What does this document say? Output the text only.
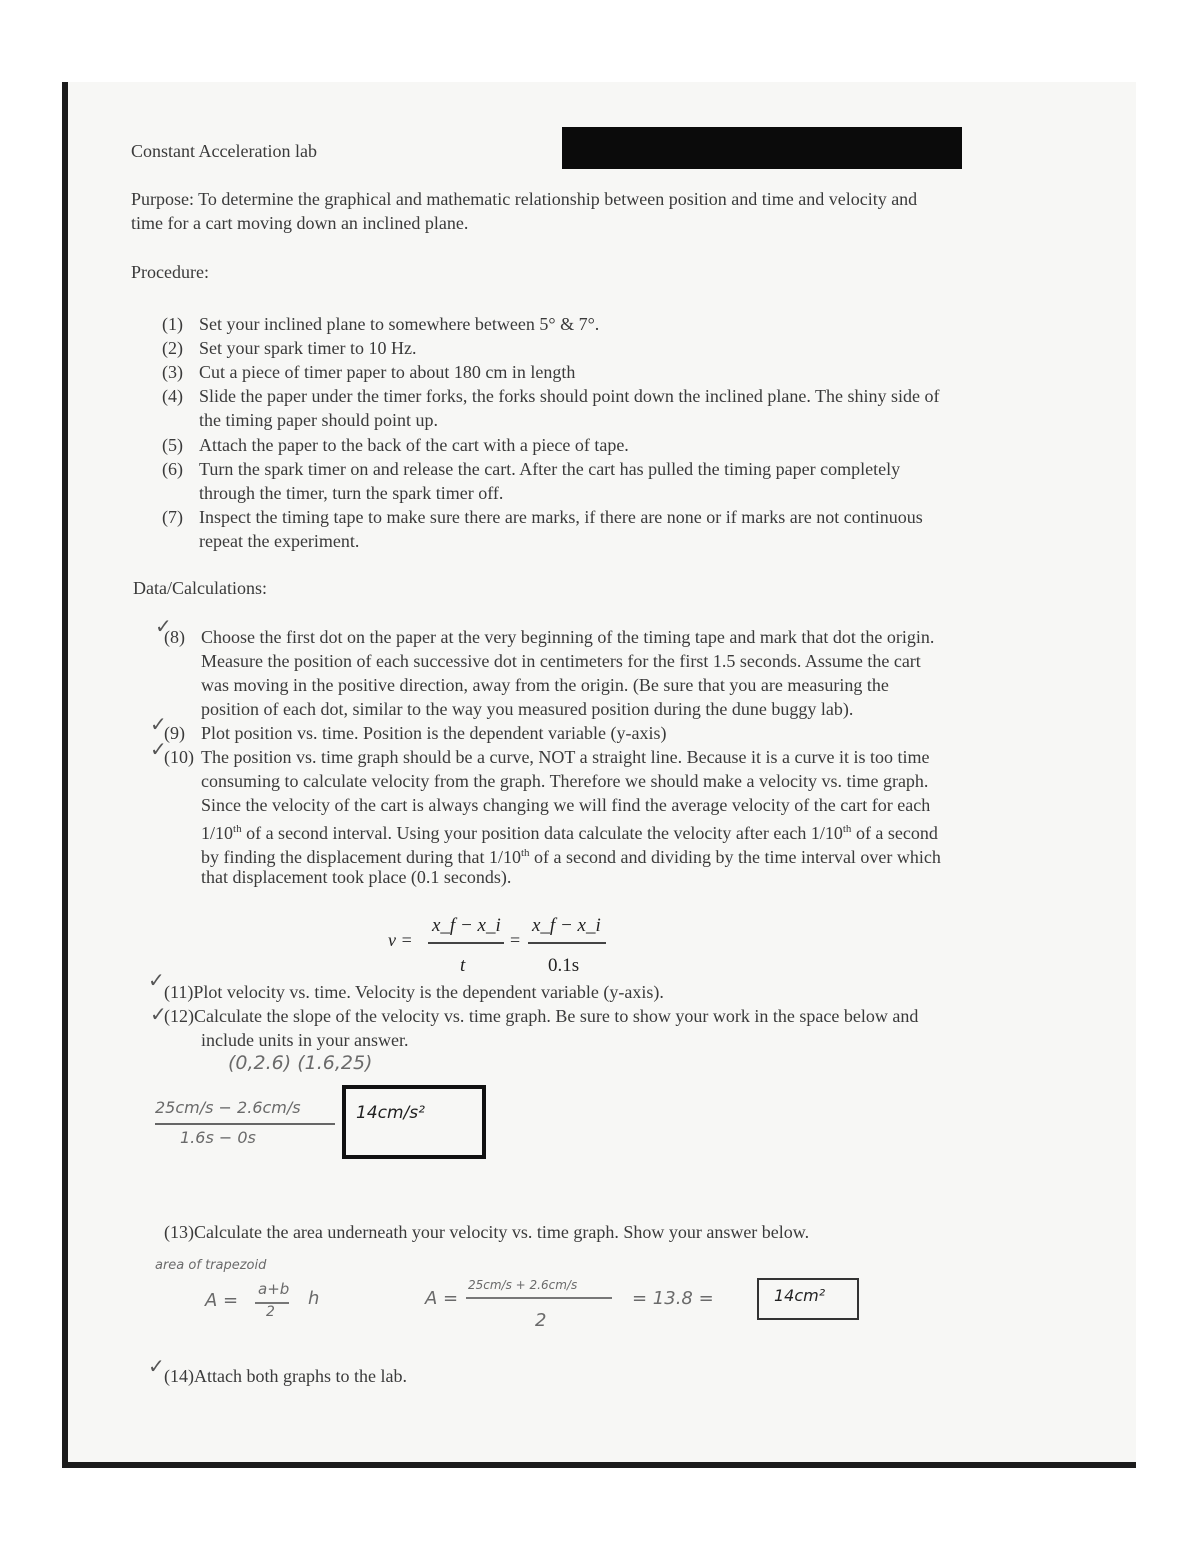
Constant Acceleration lab
Purpose: To determine the graphical and mathematic relationship between position and time and velocity and
time for a cart moving down an inclined plane.
Procedure:
(1) Set your inclined plane to somewhere between 5° & 7°.
(2) Set your spark timer to 10 Hz.
(3) Cut a piece of timer paper to about 180 cm in length
(4) Slide the paper under the timer forks, the forks should point down the inclined plane. The shiny side of
the timing paper should point up.
(5) Attach the paper to the back of the cart with a piece of tape.
(6) Turn the spark timer on and release the cart. After the cart has pulled the timing paper completely
through the timer, turn the spark timer off.
(7) Inspect the timing tape to make sure there are marks, if there are none or if marks are not continuous
repeat the experiment.
Data/Calculations:
✓
(8) Choose the first dot on the paper at the very beginning of the timing tape and mark that dot the origin.
Measure the position of each successive dot in centimeters for the first 1.5 seconds. Assume the cart
was moving in the positive direction, away from the origin. (Be sure that you are measuring the
position of each dot, similar to the way you measured position during the dune buggy lab).
✓
(9) Plot position vs. time. Position is the dependent variable (y-axis)
✓
(10) The position vs. time graph should be a curve, NOT a straight line. Because it is a curve it is too time
consuming to calculate velocity from the graph. Therefore we should make a velocity vs. time graph.
Since the velocity of the cart is always changing we will find the average velocity of the cart for each
1/10th of a second interval. Using your position data calculate the velocity after each 1/10th of a second
by finding the displacement during that 1/10th of a second and dividing by the time interval over which
that displacement took place (0.1 seconds).
v =
x_f − x_i
t
=
x_f − x_i
0.1s
✓ (11)Plot velocity vs. time. Velocity is the dependent variable (y-axis).
✓
(12)Calculate the slope of the velocity vs. time graph. Be sure to show your work in the space below and
include units in your answer.
(0,2.6) (1.6,25)
25cm/s − 2.6cm/s
1.6s − 0s
14cm/s²
(13)Calculate the area underneath your velocity vs. time graph. Show your answer below.
area of trapezoid
A =
a+b
2
h	A =
25cm/s + 2.6cm/s
2
= 13.8 =	14cm²
✓ (14)Attach both graphs to the lab.
